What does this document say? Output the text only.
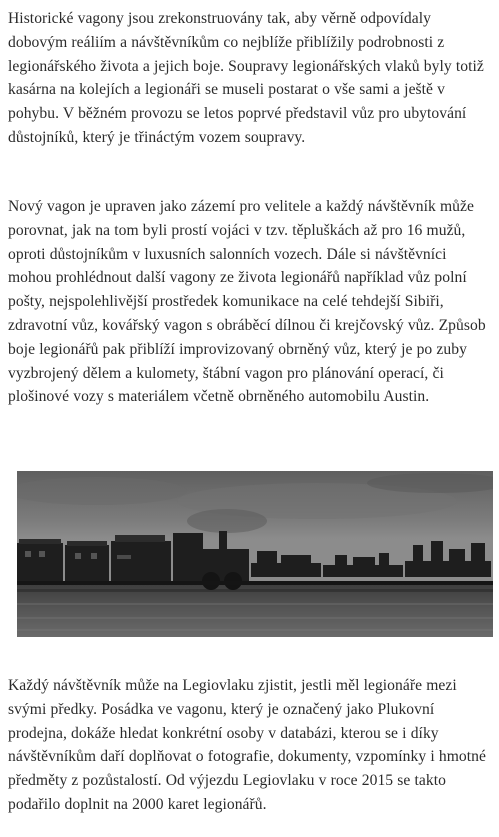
Historické vagony jsou zrekonstruovány tak, aby věrně odpovídaly dobovým reáliím a návštěvníkům co nejblíže přiblížily podrobnosti z legionářského života a jejich boje. Soupravy legionářských vlaků byly totiž kasárna na kolejích a legionáři se museli postarat o vše sami a ještě v pohybu. V běžném provozu se letos poprvé představil vůz pro ubytování důstojníků, který je třináctým vozem soupravy.

Nový vagon je upraven jako zázemí pro velitele a každý návštěvník může porovnat, jak na tom byli prostí vojáci v tzv. těpluškách až pro 16 mužů, oproti důstojníkům v luxusních salonních vozech. Dále si návštěvníci mohou prohlédnout další vagony ze života legionářů například vůz polní pošty, nejspolehlivější prostředek komunikace na celé tehdejší Sibiři, zdravotní vůz, kovářský vagon s obráběcí dílnou či krejčovský vůz. Způsob boje legionářů pak přiblíží improvizovaný obrněný vůz, který je po zuby vyzbrojený dělem a kulomety, štábní vagon pro plánování operací, či plošinové vozy s materiálem včetně obrněného automobilu Austin.

Každý návštěvník může na Legiovlaku zjistit, jestli měl legionáře mezi svými předky. Posádka ve vagonu, který je označený jako Plukovní prodejna, dokáže hledat konkrétní osoby v databázi, kterou se i díky návštěvníkům daří doplňovat o fotografie, dokumenty, vzpomínky i hmotné předměty z pozůstalostí. Od výjezdu Legiovlaku v roce 2015 se takto podařilo doplnit na 2000 karet legionářů.
